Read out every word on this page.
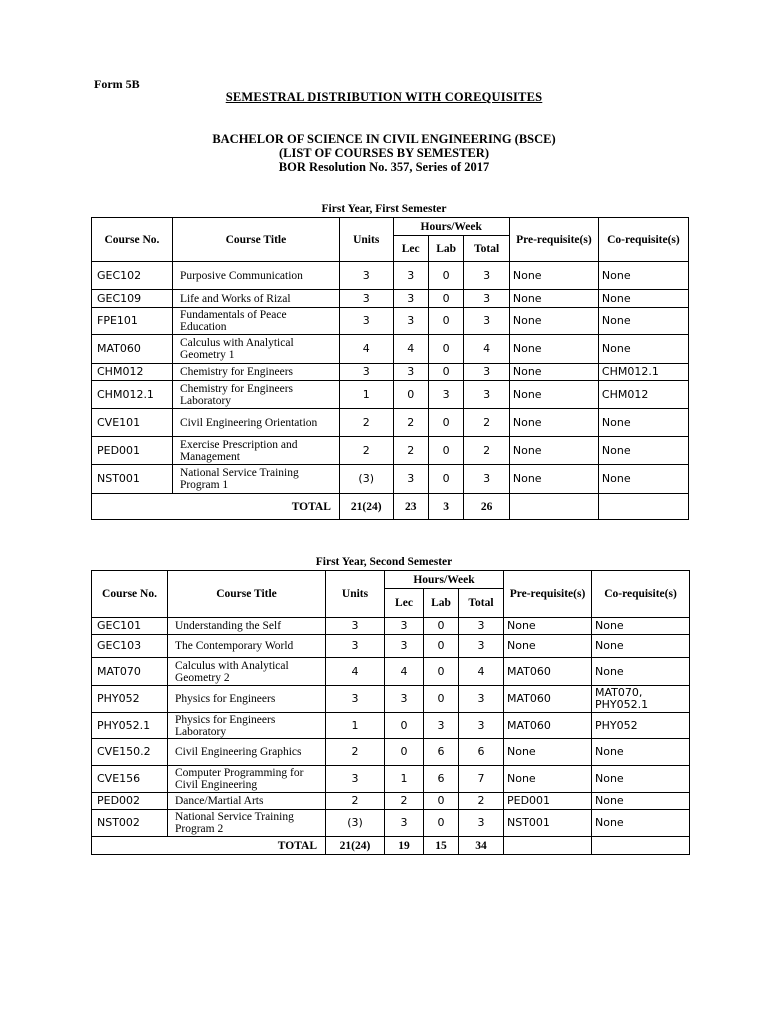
Form 5B
SEMESTRAL DISTRIBUTION WITH COREQUISITES
BACHELOR OF SCIENCE IN CIVIL ENGINEERING (BSCE)
(LIST OF COURSES BY SEMESTER)
BOR Resolution No. 357, Series of 2017
First Year, First Semester
Course No.	Course Title	Units	Hours/Week			Pre-requisite(s)	Co-requisite(s)
			Lec	Lab	Total		
GEC102	Purposive Communication	3	3	0	3	None	None
GEC109	Life and Works of Rizal	3	3	0	3	None	None
FPE101	Fundamentals of Peace Education	3	3	0	3	None	None
MAT060	Calculus with Analytical Geometry 1	4	4	0	4	None	None
CHM012	Chemistry for Engineers	3	3	0	3	None	CHM012.1
CHM012.1	Chemistry for Engineers Laboratory	1	0	3	3	None	CHM012
CVE101	Civil Engineering Orientation	2	2	0	2	None	None
PED001	Exercise Prescription and Management	2	2	0	2	None	None
NST001	National Service Training Program 1	(3)	3	0	3	None	None
TOTAL		21(24)	23	3	26		
First Year, Second Semester
Course No.	Course Title	Units	Hours/Week			Pre-requisite(s)	Co-requisite(s)
			Lec	Lab	Total		
GEC101	Understanding the Self	3	3	0	3	None	None
GEC103	The Contemporary World	3	3	0	3	None	None
MAT070	Calculus with Analytical Geometry 2	4	4	0	4	MAT060	None
PHY052	Physics for Engineers	3	3	0	3	MAT060	MAT070, PHY052.1
PHY052.1	Physics for Engineers Laboratory	1	0	3	3	MAT060	PHY052
CVE150.2	Civil Engineering Graphics	2	0	6	6	None	None
CVE156	Computer Programming for Civil Engineering	3	1	6	7	None	None
PED002	Dance/Martial Arts	2	2	0	2	PED001	None
NST002	National Service Training Program 2	(3)	3	0	3	NST001	None
TOTAL		21(24)	19	15	34		
